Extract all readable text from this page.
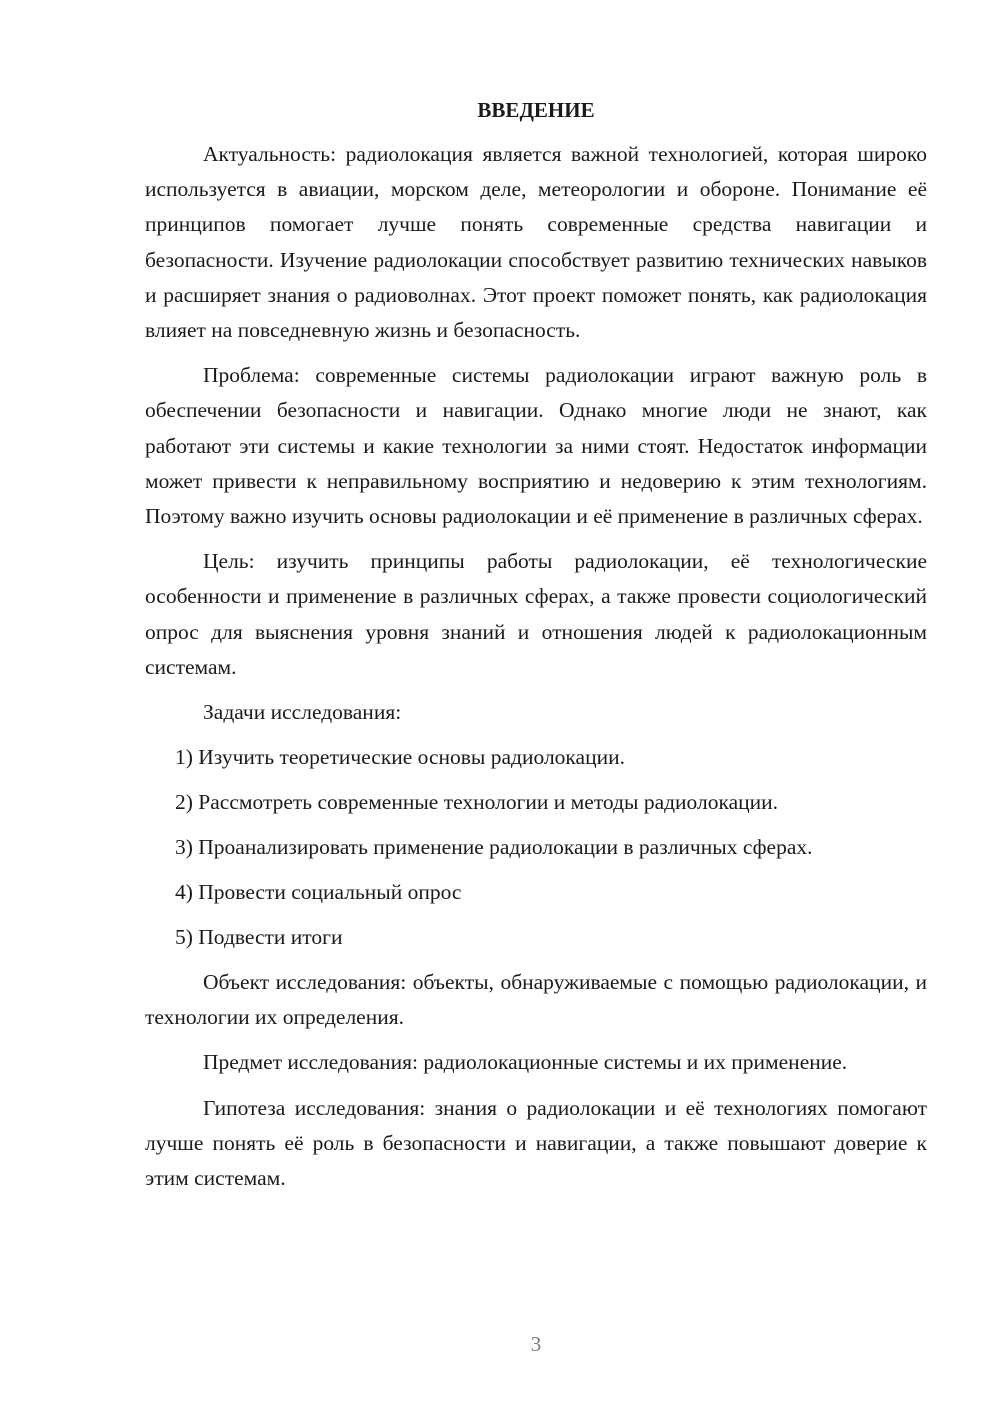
ВВЕДЕНИЕ

Актуальность: радиолокация является важной технологией, которая широко используется в авиации, морском деле, метеорологии и обороне. Понимание её принципов помогает лучше понять современные средства навигации и безопасности. Изучение радиолокации способствует развитию технических навыков и расширяет знания о радиоволнах. Этот проект поможет понять, как радиолокация влияет на повседневную жизнь и безопасность.

Проблема: современные системы радиолокации играют важную роль в обеспечении безопасности и навигации. Однако многие люди не знают, как работают эти системы и какие технологии за ними стоят. Недостаток информации может привести к неправильному восприятию и недоверию к этим технологиям. Поэтому важно изучить основы радиолокации и её применение в различных сферах.

Цель: изучить принципы работы радиолокации, её технологические особенности и применение в различных сферах, а также провести социологический опрос для выяснения уровня знаний и отношения людей к радиолокационным системам.

Задачи исследования:

1) Изучить теоретические основы радиолокации.

2) Рассмотреть современные технологии и методы радиолокации.

3) Проанализировать применение радиолокации в различных сферах.

4) Провести социальный опрос

5) Подвести итоги

Объект исследования: объекты, обнаруживаемые с помощью радиолокации, и технологии их определения.

Предмет исследования: радиолокационные системы и их применение.

Гипотеза исследования: знания о радиолокации и её технологиях помогают лучше понять её роль в безопасности и навигации, а также повышают доверие к этим системам.

3
